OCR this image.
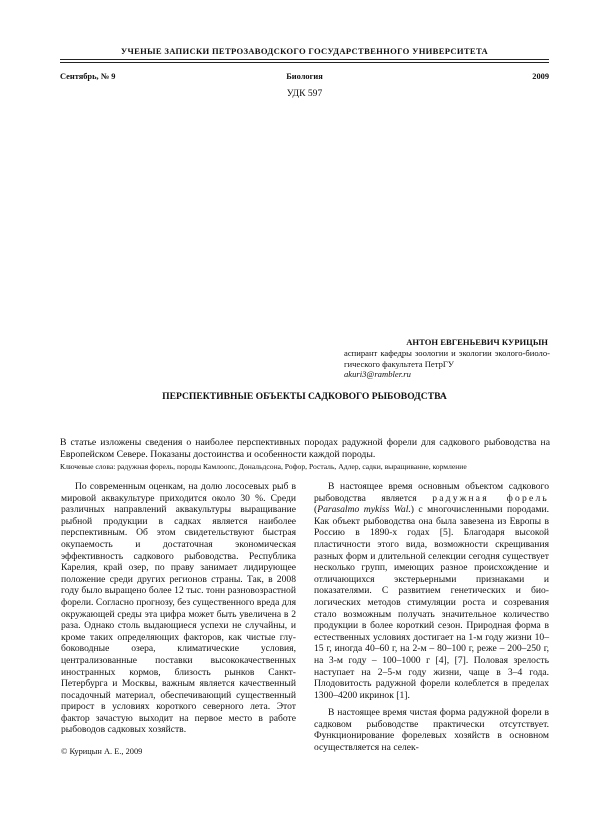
УЧЕНЫЕ ЗАПИСКИ ПЕТРОЗАВОДСКОГО ГОСУДАРСТВЕННОГО УНИВЕРСИТЕТА
Биология
Сентябрь, № 9	2009
УДК 597
АНТОН ЕВГЕНЬЕВИЧ КУРИЦЫН
аспирант кафедры зоологии и экологии эколого-биологического факультета ПетрГУ
akuri3@rambler.ru
ПЕРСПЕКТИВНЫЕ ОБЪЕКТЫ САДКОВОГО РЫБОВОДСТВА
В статье изложены сведения о наиболее перспективных породах радужной форели для садкового рыбоводства на Европейском Севере. Показаны достоинства и особенности каждой породы.
Ключевые слова: радужная форель, породы Камлоопс, Дональдсона, Рофор, Росталь, Адлер, садки, выращивание, кормление

По современным оценкам, на долю лососевых рыб в мировой аквакультуре приходится около 30 %. Среди различных направлений аквакультуры выращивание рыбной продукции в садках является наиболее перспективным. Об этом свидетельствуют быстрая окупаемость и достаточная экономическая эффективность садкового рыбоводства. Республика Карелия, край озер, по праву занимает лидирующее положение среди других регионов страны. Так, в 2008 году было выращено более 12 тыс. тонн разновозрастной форели. Согласно прогнозу, без существенного вреда для окружающей среды эта цифра может быть увеличена в 2 раза. Однако столь выдающиеся успехи не случайны, и кроме таких определяющих факторов, как чистые глубоководные озера, климатические условия, централизованные поставки высококачественных иностранных кормов, близость рынков Санкт-Петербурга и Москвы, важным является качественный посадочный материал, обеспечивающий существенный прирост в условиях короткого северного лета. Этот фактор зачастую выходит на первое место в работе рыбоводов садковых хозяйств.

В настоящее время основным объектом садкового рыбоводства является радужная форель (Parasalmo mykiss Wal.) с многочисленными породами. Как объект рыбоводства она была завезена из Европы в Россию в 1890-х годах [5]. Благодаря высокой пластичности этого вида, возможности скрещивания разных форм и длительной селекции сегодня существует несколько групп, имеющих разное происхождение и отличающихся экстерьерными признаками и показателями. С развитием генетических и биологических методов стимуляции роста и созревания стало возможным получать значительное количество продукции в более короткий сезон. Природная форма в естественных условиях достигает на 1-м году жизни 10–15 г, иногда 40–60 г, на 2-м – 80–100 г, реже – 200–250 г, на 3-м году – 100–1000 г [4], [7]. Половая зрелость наступает на 2–5-м году жизни, чаще в 3–4 года. Плодовитость радужной форели колеблется в пределах 1300–4200 икринок [1].

В настоящее время чистая форма радужной форели в садковом рыбоводстве практически отсутствует. Функционирование форелевых хозяйств в основном осуществляется на селек-

© Курицын А. Е., 2009
